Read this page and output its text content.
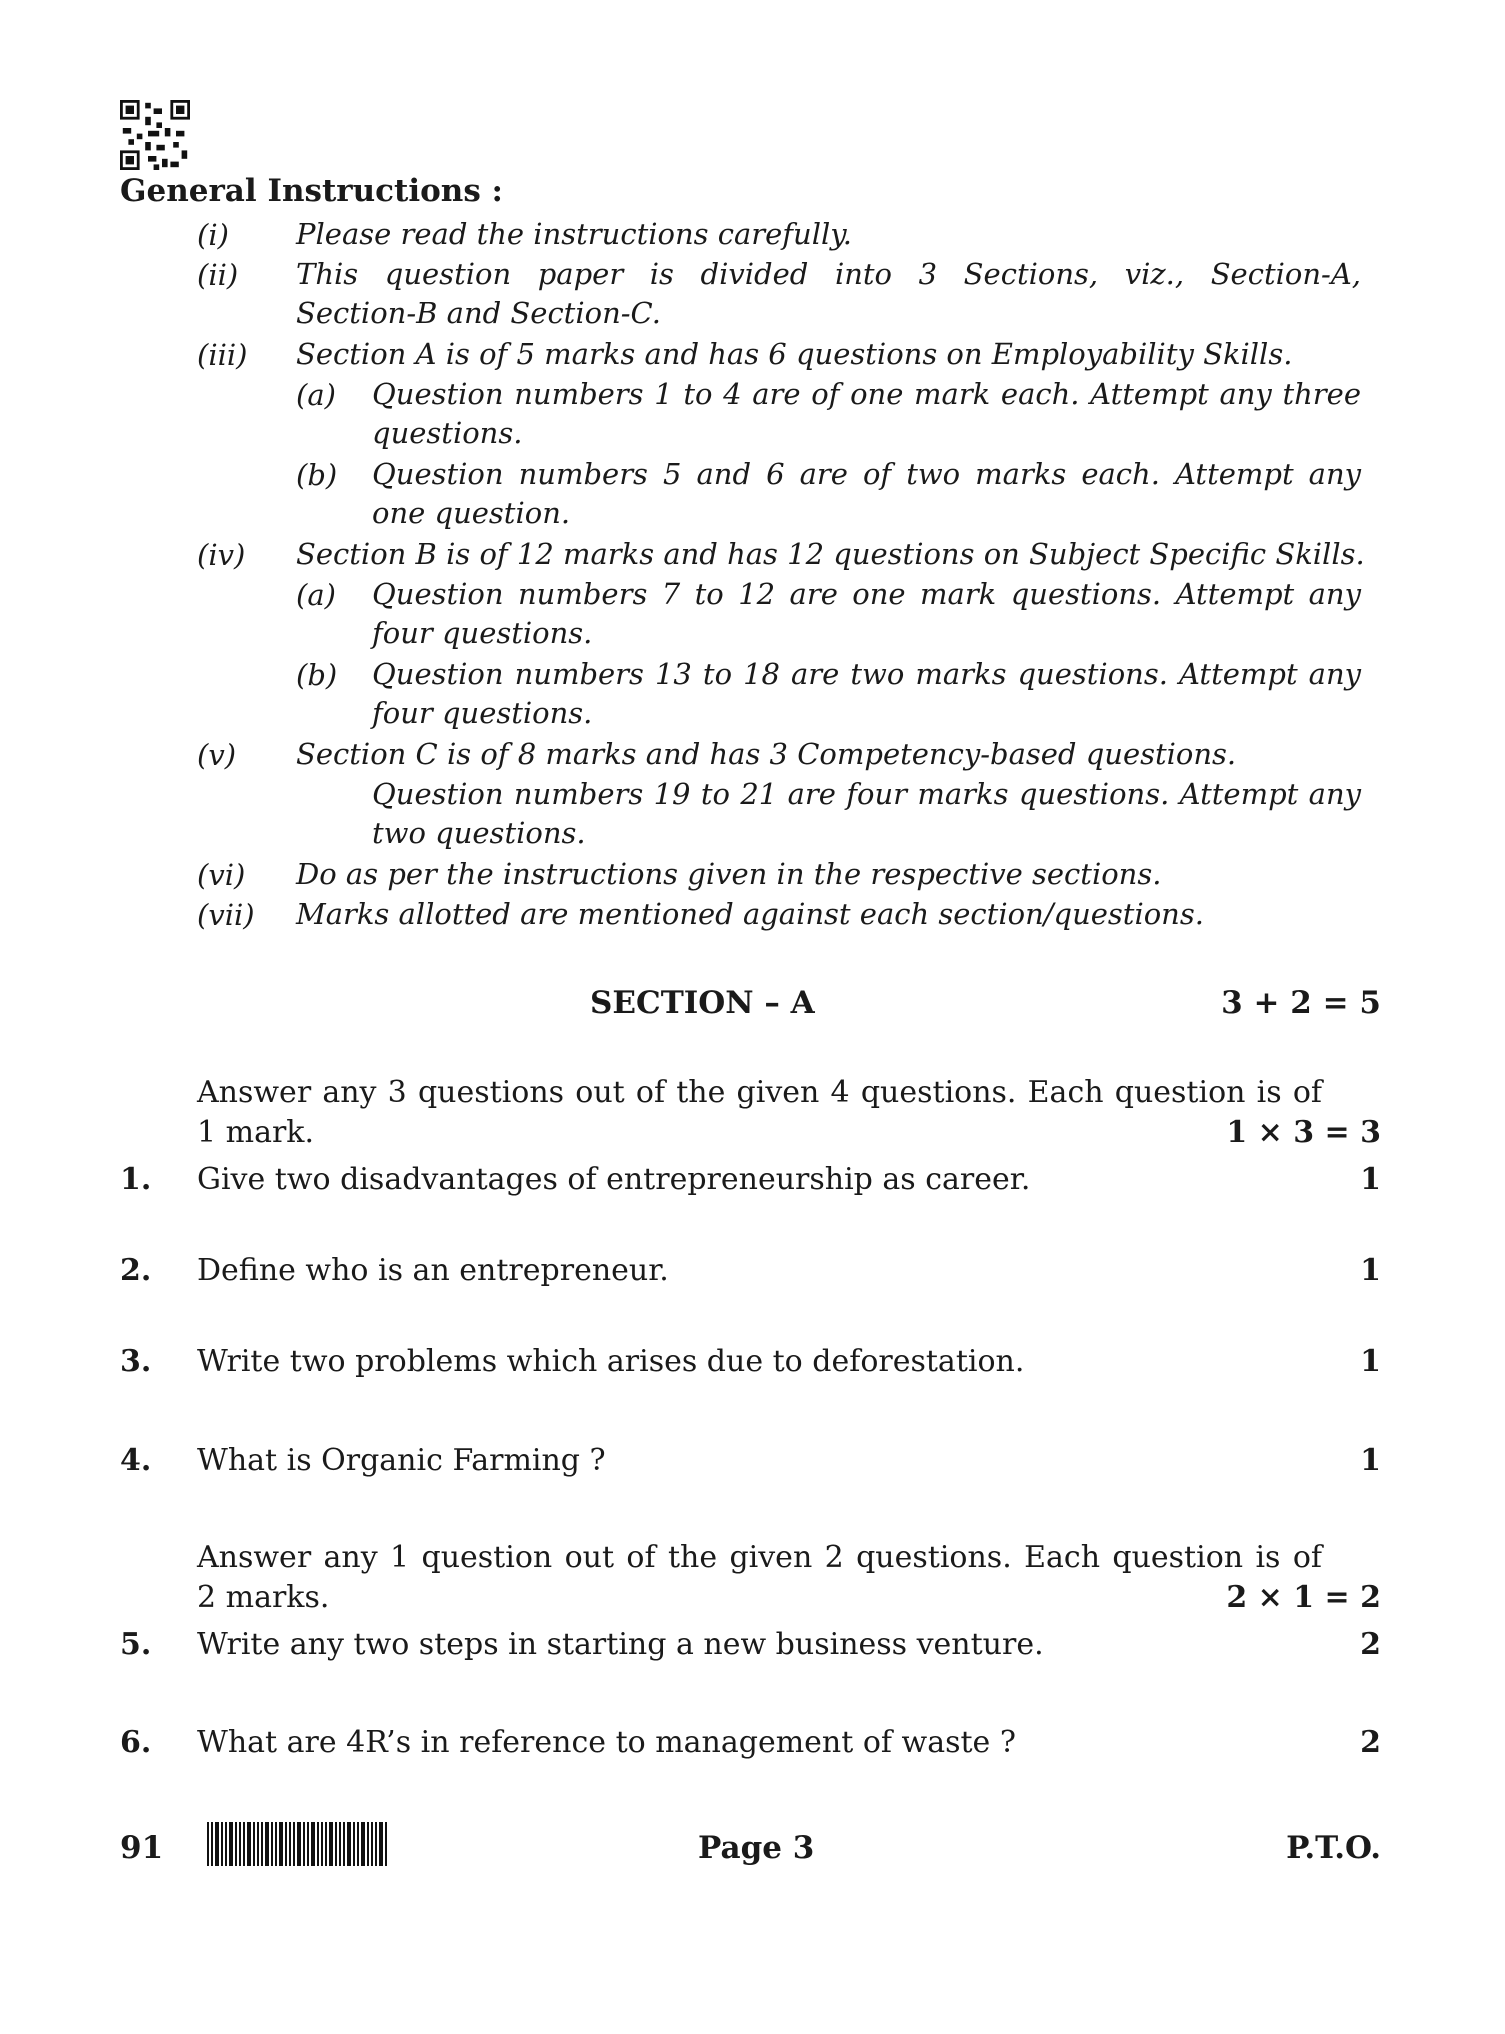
General Instructions :
(i) Please read the instructions carefully.
(ii) This question paper is divided into 3 Sections, viz., Section-A,
Section-B and Section-C.
(iii) Section A is of 5 marks and has 6 questions on Employability Skills.
(a) Question numbers 1 to 4 are of one mark each. Attempt any three
questions.
(b) Question numbers 5 and 6 are of two marks each. Attempt any
one question.
(iv) Section B is of 12 marks and has 12 questions on Subject Specific Skills.
(a) Question numbers 7 to 12 are one mark questions. Attempt any
four questions.
(b) Question numbers 13 to 18 are two marks questions. Attempt any
four questions.
(v) Section C is of 8 marks and has 3 Competency-based questions.
Question numbers 19 to 21 are four marks questions. Attempt any
two questions.
(vi) Do as per the instructions given in the respective sections.
(vii) Marks allotted are mentioned against each section/questions.
SECTION – A	3 + 2 = 5
Answer any 3 questions out of the given 4 questions. Each question is of
1 mark.	1 × 3 = 3
1. Give two disadvantages of entrepreneurship as career.	1
2. Define who is an entrepreneur.	1
3. Write two problems which arises due to deforestation.	1
4. What is Organic Farming ?	1
Answer any 1 question out of the given 2 questions. Each question is of
2 marks.	2 × 1 = 2
5. Write any two steps in starting a new business venture.	2
6. What are 4R’s in reference to management of waste ?	2
91	Page 3	P.T.O.
